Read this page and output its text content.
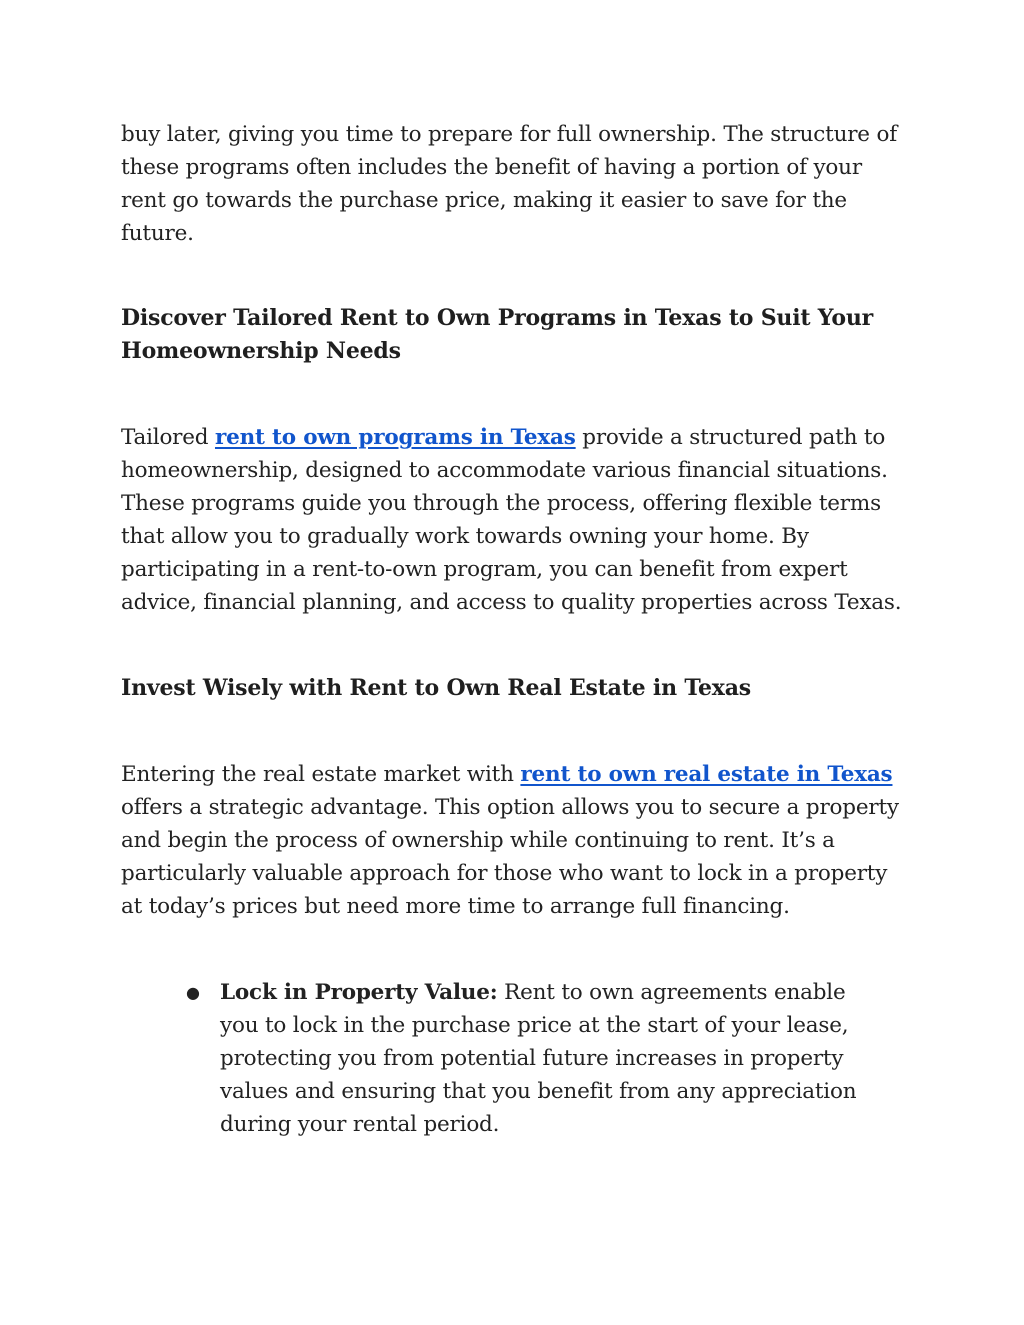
buy later, giving you time to prepare for full ownership. The structure of these programs often includes the benefit of having a portion of your rent go towards the purchase price, making it easier to save for the future.

Discover Tailored Rent to Own Programs in Texas to Suit Your Homeownership Needs

Tailored rent to own programs in Texas provide a structured path to homeownership, designed to accommodate various financial situations. These programs guide you through the process, offering flexible terms that allow you to gradually work towards owning your home. By participating in a rent-to-own program, you can benefit from expert advice, financial planning, and access to quality properties across Texas.

Invest Wisely with Rent to Own Real Estate in Texas

Entering the real estate market with rent to own real estate in Texas offers a strategic advantage. This option allows you to secure a property and begin the process of ownership while continuing to rent. It’s a particularly valuable approach for those who want to lock in a property at today’s prices but need more time to arrange full financing.

● Lock in Property Value: Rent to own agreements enable you to lock in the purchase price at the start of your lease, protecting you from potential future increases in property values and ensuring that you benefit from any appreciation during your rental period.
